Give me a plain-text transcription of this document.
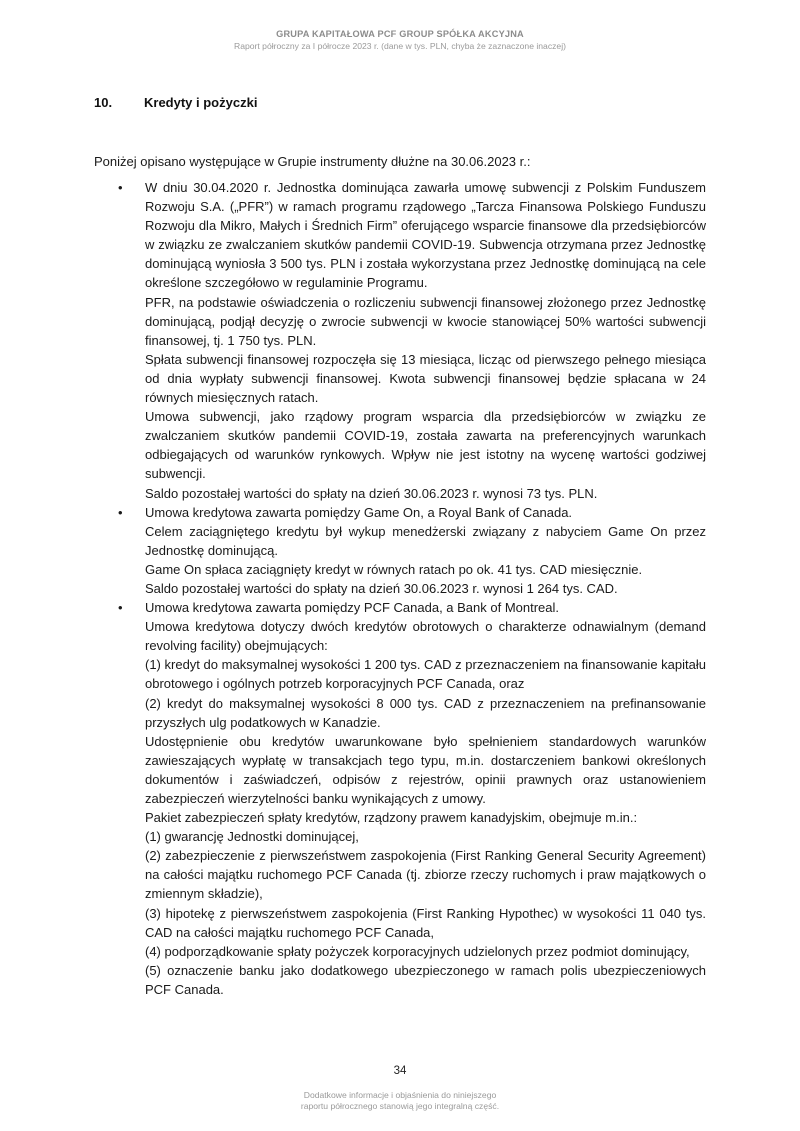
GRUPA KAPITAŁOWA PCF GROUP SPÓŁKA AKCYJNA
Raport półroczny za I półrocze 2023 r. (dane w tys. PLN, chyba że zaznaczone inaczej)
10. Kredyty i pożyczki
Poniżej opisano występujące w Grupie instrumenty dłużne na 30.06.2023 r.:
• W dniu 30.04.2020 r. Jednostka dominująca zawarła umowę subwencji z Polskim Funduszem Rozwoju S.A. („PFR”) w ramach programu rządowego „Tarcza Finansowa Polskiego Funduszu Rozwoju dla Mikro, Małych i Średnich Firm” oferującego wsparcie finansowe dla przedsiębiorców w związku ze zwalczaniem skutków pandemii COVID-19. Subwencja otrzymana przez Jednostkę dominującą wyniosła 3 500 tys. PLN i została wykorzystana przez Jednostkę dominującą na cele określone szczegółowo w regulaminie Programu.

PFR, na podstawie oświadczenia o rozliczeniu subwencji finansowej złożonego przez Jednostkę dominującą, podjął decyzję o zwrocie subwencji w kwocie stanowiącej 50% wartości subwencji finansowej, tj. 1 750 tys. PLN.

Spłata subwencji finansowej rozpoczęła się 13 miesiąca, licząc od pierwszego pełnego miesiąca od dnia wypłaty subwencji finansowej. Kwota subwencji finansowej będzie spłacana w 24 równych miesięcznych ratach.

Umowa subwencji, jako rządowy program wsparcia dla przedsiębiorców w związku ze zwalczaniem skutków pandemii COVID-19, została zawarta na preferencyjnych warunkach odbiegających od warunków rynkowych. Wpływ nie jest istotny na wycenę wartości godziwej subwencji.

Saldo pozostałej wartości do spłaty na dzień 30.06.2023 r. wynosi 73 tys. PLN.

• Umowa kredytowa zawarta pomiędzy Game On, a Royal Bank of Canada.

Celem zaciągniętego kredytu był wykup menedżerski związany z nabyciem Game On przez Jednostkę dominującą.

Game On spłaca zaciągnięty kredyt w równych ratach po ok. 41 tys. CAD miesięcznie.

Saldo pozostałej wartości do spłaty na dzień 30.06.2023 r. wynosi 1 264 tys. CAD.

• Umowa kredytowa zawarta pomiędzy PCF Canada, a Bank of Montreal.

Umowa kredytowa dotyczy dwóch kredytów obrotowych o charakterze odnawialnym (demand revolving facility) obejmujących:

(1) kredyt do maksymalnej wysokości 1 200 tys. CAD z przeznaczeniem na finansowanie kapitału obrotowego i ogólnych potrzeb korporacyjnych PCF Canada, oraz

(2) kredyt do maksymalnej wysokości 8 000 tys. CAD z przeznaczeniem na prefinansowanie przyszłych ulg podatkowych w Kanadzie.

Udostępnienie obu kredytów uwarunkowane było spełnieniem standardowych warunków zawieszających wypłatę w transakcjach tego typu, m.in. dostarczeniem bankowi określonych dokumentów i zaświadczeń, odpisów z rejestrów, opinii prawnych oraz ustanowieniem zabezpieczeń wierzytelności banku wynikających z umowy.

Pakiet zabezpieczeń spłaty kredytów, rządzony prawem kanadyjskim, obejmuje m.in.:

(1) gwarancję Jednostki dominującej,

(2) zabezpieczenie z pierwszeństwem zaspokojenia (First Ranking General Security Agreement) na całości majątku ruchomego PCF Canada (tj. zbiorze rzeczy ruchomych i praw majątkowych o zmiennym składzie),

(3) hipotekę z pierwszeństwem zaspokojenia (First Ranking Hypothec) w wysokości 11 040 tys. CAD na całości majątku ruchomego PCF Canada,

(4) podporządkowanie spłaty pożyczek korporacyjnych udzielonych przez podmiot dominujący,

(5) oznaczenie banku jako dodatkowego ubezpieczonego w ramach polis ubezpieczeniowych PCF Canada.

34
Dodatkowe informacje i objaśnienia do niniejszego
raportu półrocznego stanowią jego integralną część.
